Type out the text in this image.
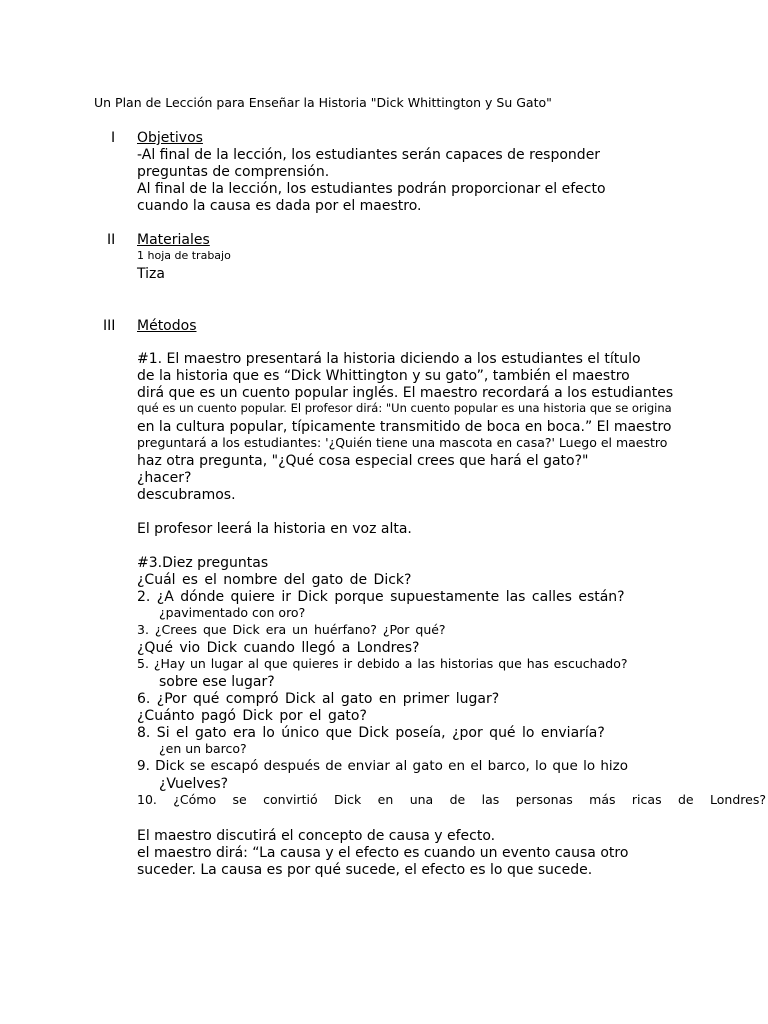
Un Plan de Lección para Enseñar la Historia "Dick Whittington y Su Gato"
I Objetivos
-Al final de la lección, los estudiantes serán capaces de responder
preguntas de comprensión.
Al final de la lección, los estudiantes podrán proporcionar el efecto
cuando la causa es dada por el maestro.
II Materiales
1 hoja de trabajo
Tiza
III Métodos
#1. El maestro presentará la historia diciendo a los estudiantes el título
de la historia que es “Dick Whittington y su gato”, también el maestro
dirá que es un cuento popular inglés. El maestro recordará a los estudiantes
qué es un cuento popular. El profesor dirá: "Un cuento popular es una historia que se origina
en la cultura popular, típicamente transmitido de boca en boca.” El maestro
preguntará a los estudiantes: '¿Quién tiene una mascota en casa?' Luego el maestro
haz otra pregunta, "¿Qué cosa especial crees que hará el gato?"
¿hacer?
descubramos.
El profesor leerá la historia en voz alta.
#3.Diez preguntas
¿Cuál es el nombre del gato de Dick?
2. ¿A dónde quiere ir Dick porque supuestamente las calles están?
¿pavimentado con oro?
3. ¿Crees que Dick era un huérfano? ¿Por qué?
¿Qué vio Dick cuando llegó a Londres?
5. ¿Hay un lugar al que quieres ir debido a las historias que has escuchado?
sobre ese lugar?
6. ¿Por qué compró Dick al gato en primer lugar?
¿Cuánto pagó Dick por el gato?
8. Si el gato era lo único que Dick poseía, ¿por qué lo enviaría?
¿en un barco?
9. Dick se escapó después de enviar al gato en el barco, lo que lo hizo
¿Vuelves?
10. ¿Cómo se convirtió Dick en una de las personas más ricas de Londres?
El maestro discutirá el concepto de causa y efecto.
el maestro dirá: “La causa y el efecto es cuando un evento causa otro
suceder. La causa es por qué sucede, el efecto es lo que sucede.
